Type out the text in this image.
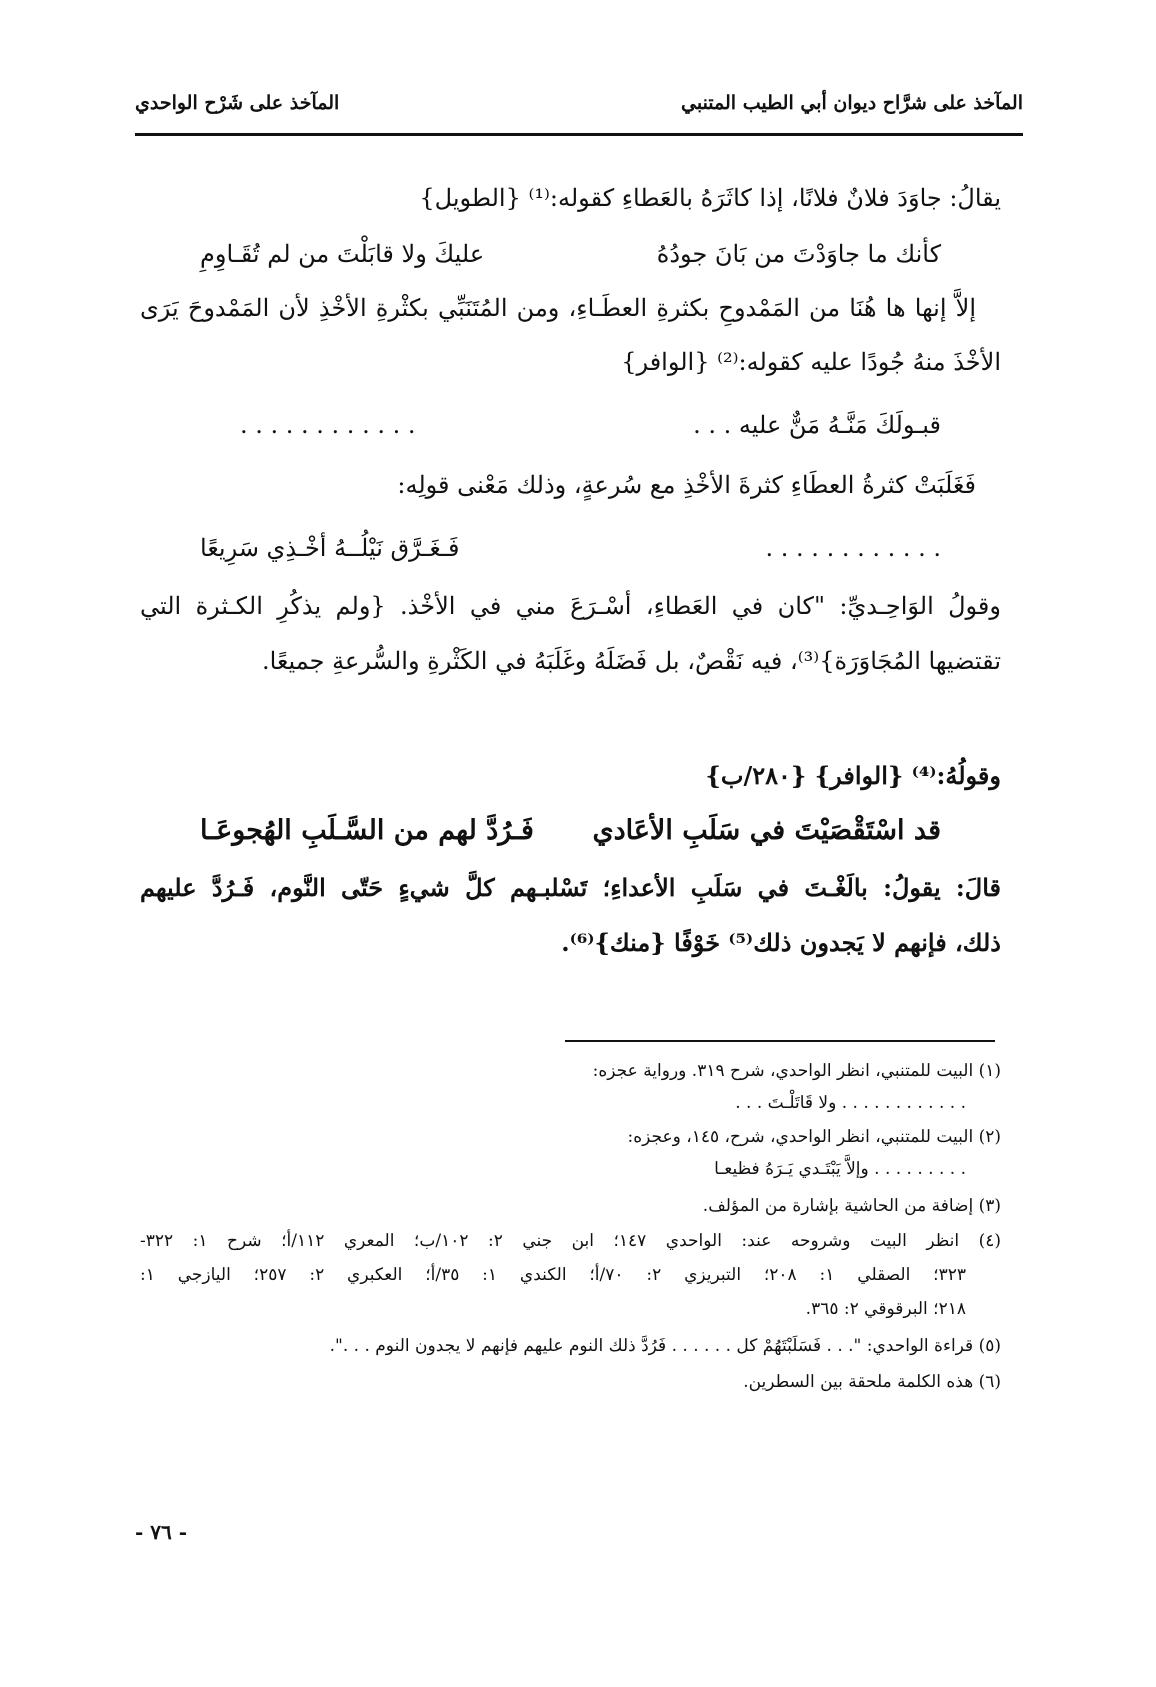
المآخذ على شرَّاح ديوان أبي الطيب المتنبي
المآخذ على شَرْح الواحدي
يقالُ: جاوَدَ فلانٌ فلانًا، إذا كاثَرَهُ بالعَطاءِ كقوله:⁽¹⁾ {الطويل}
كأنك ما جاوَدْتَ من بَانَ جودُهُ
عليكَ ولا قابَلْتَ من لم تُقَـاوِمِ
إلاَّ إنها ها هُنَا من المَمْدوحِ بكثرةِ العطَـاءِ، ومن المُتَنَبِّي بكثْرةِ الأخْذِ لأن المَمْدوحَ يَرَى
الأخْذَ منهُ جُودًا عليه كقوله:⁽²⁾ {الوافر}
قبـولَكَ مَنَّـهُ مَنٌّ عليه . . .
. . . . . . . . . . . .
فَغَلَبَتْ كثرةُ العطَاءِ كثرةَ الأخْذِ مع سُرعةٍ، وذلك مَعْنى قولِه:
فَـغَـرَّق نَيْلُــهُ أخْـذِي سَرِيعًا	. . . . . . . . . . . .
وقولُ الوَاحِـديِّ: "كان في العَطاءِ، أسْـرَعَ مني في الأخْذ. {ولم يذكُرِ الكـثرة التي
تقتضيها المُجَاوَرَة}⁽³⁾، فيه نَقْصٌ، بل فَضَلَهُ وغَلَبَهُ في الكَثْرةِ والسُّرعةِ جميعًا.
وقولُهُ:⁽⁴⁾ {الوافر} {٢٨٠/ب}
قد اسْتَقْصَيْتَ في سَلَبِ الأعَادي
فَـرُدَّ لهم من السَّـلَبِ الهُجوعَـا
قالَ: يقولُ: بالَغْـتَ في سَلَبِ الأعداءِ؛ تَسْلبـهم كلَّ شيءٍ حَتّى النَّوم، فَـرُدَّ عليهم
ذلك، فإنهم لا يَجدون ذلك⁽⁵⁾ خَوْفًا {منك}⁽⁶⁾.
(١) البيت للمتنبي، انظر الواحدي، شرح ٣١٩. ورواية عجزه:
. . . . . . . . . . . . ولا قَاتَلْـتَ . . .
(٢) البيت للمتنبي، انظر الواحدي، شرح، ١٤٥، وعجزه:
. . . . . . . . . وإلاَّ يَبْتَـدي يَـرَهُ فظيعـا
(٣) إضافة من الحاشية بإشارة من المؤلف.
(٤) انظر البيت وشروحه عند: الواحدي ١٤٧؛ ابن جني ٢: ١٠٢/ب؛ المعري ١١٢/أ؛ شرح ١: ٣٢٢-
٣٢٣؛ الصقلي ١: ٢٠٨؛ التبريزي ٢: ٧٠/أ؛ الكندي ١: ٣٥/أ؛ العكبري ٢: ٢٥٧؛ اليازجي ١:
٢١٨؛ البرقوقي ٢: ٣٦٥.
(٥) قراءة الواحدي: ". . . فَسَلَبْتَهُمْ كل . . . . . . فَرُدَّ ذلك النوم عليهم فإنهم لا يجدون النوم . . .".
(٦) هذه الكلمة ملحقة بين السطرين.
- ٧٦ -
